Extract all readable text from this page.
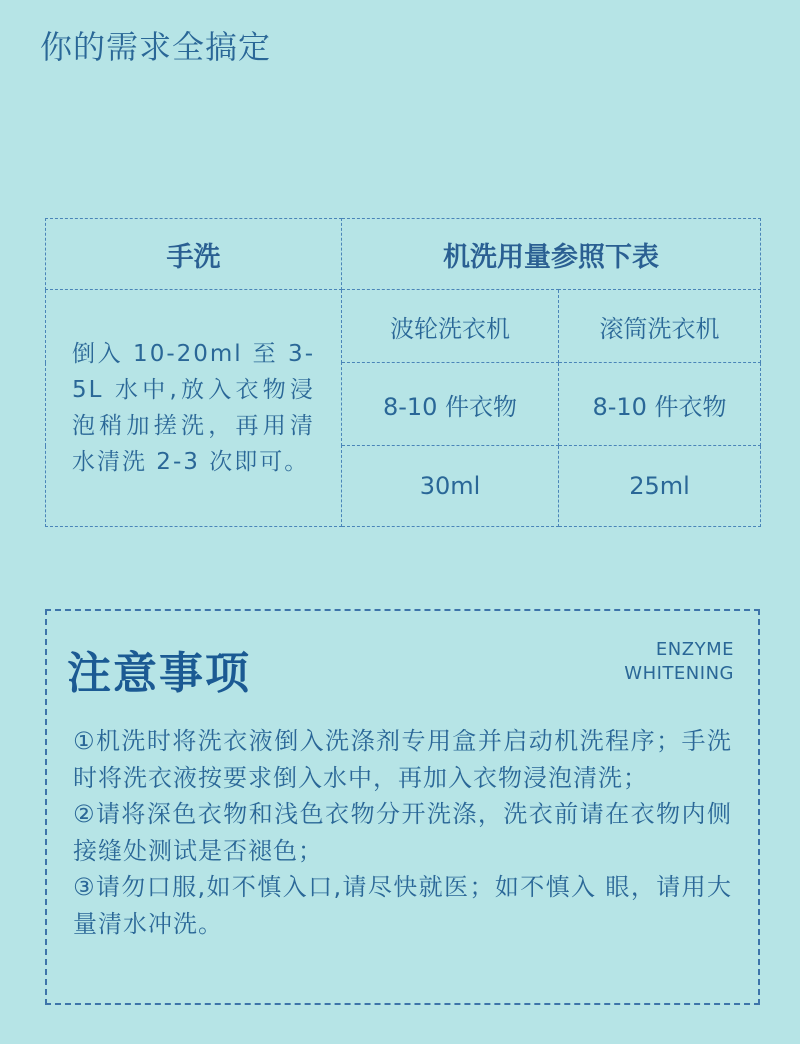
你的需求全搞定
手洗	机洗用量参照下表	
倒入 10-20ml 至 3-5L 水中,放入衣物浸泡稍加搓洗，再用清水清洗 2-3 次即可。	波轮洗衣机	滚筒洗衣机
	8-10 件衣物	8-10 件衣物
	30ml	25ml
注意事项	ENZYME
WHITENING

①机洗时将洗衣液倒入洗涤剂专用盒并启动机洗程序；手洗时将洗衣液按要求倒入水中，再加入衣物浸泡清洗；

②请将深色衣物和浅色衣物分开洗涤，洗衣前请在衣物内侧接缝处测试是否褪色；

③请勿口服,如不慎入口,请尽快就医；如不慎入 眼，请用大量清水冲洗。
